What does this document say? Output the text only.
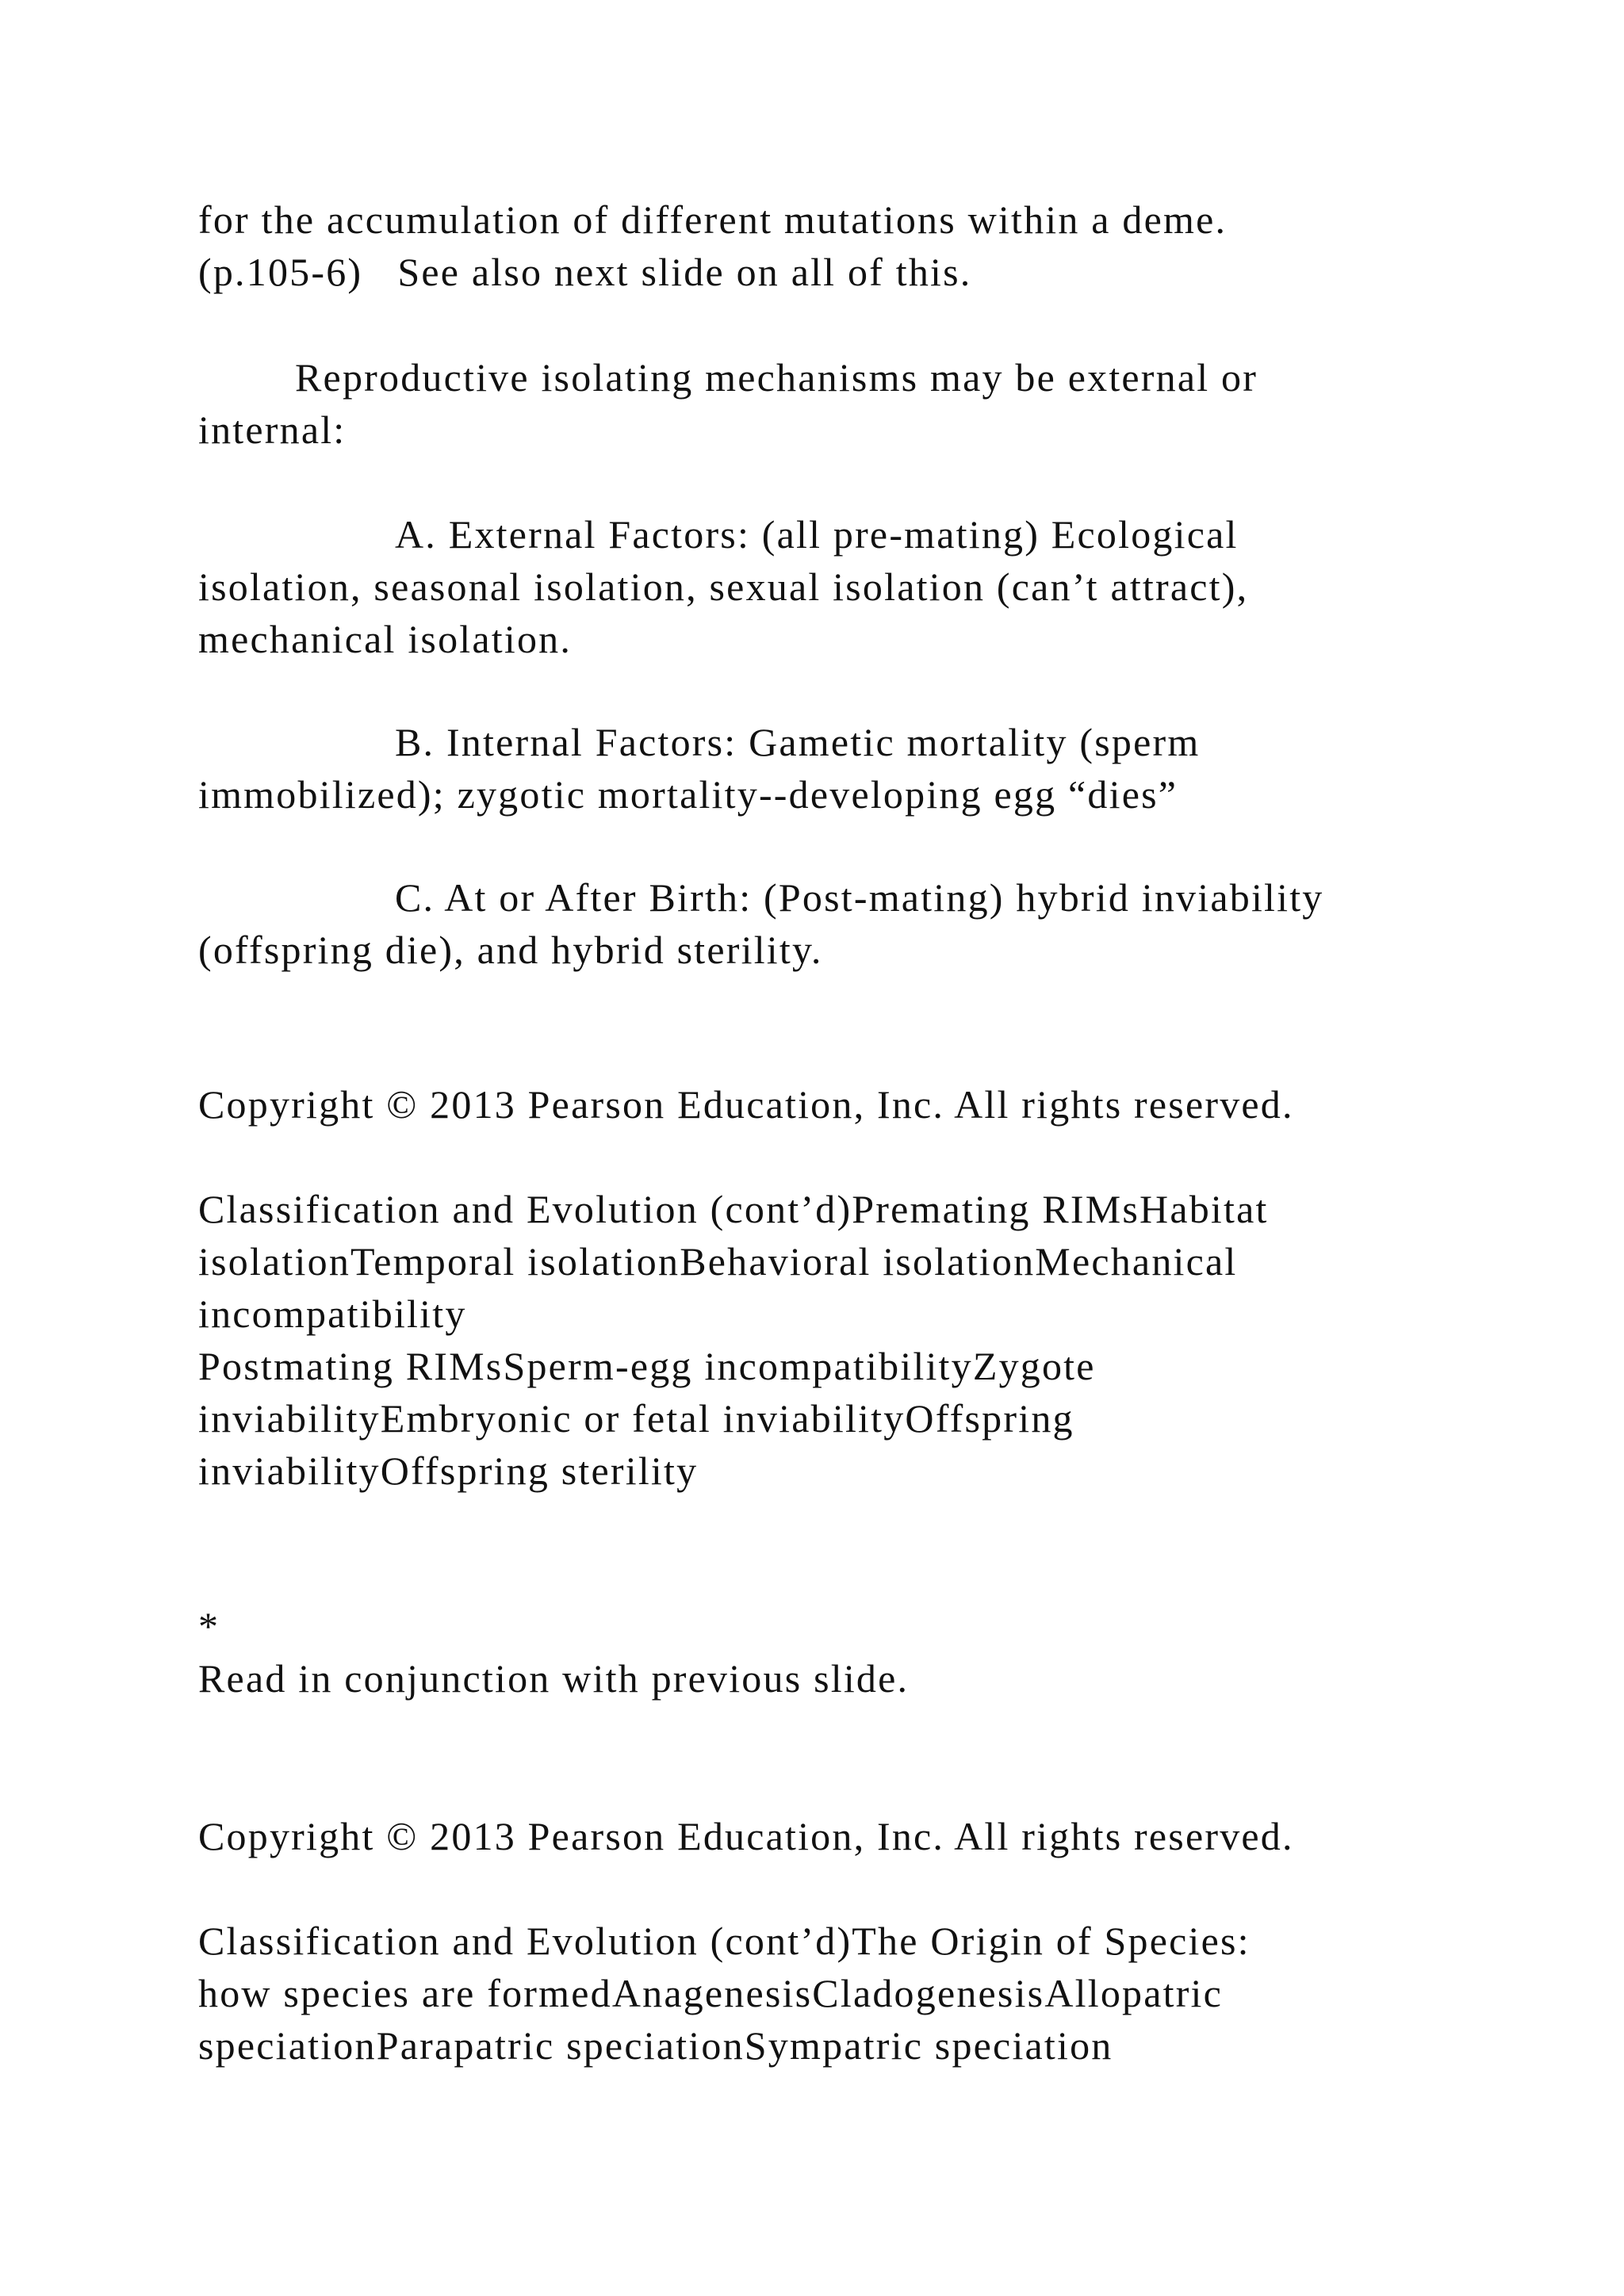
for the accumulation of different mutations within a deme.

(p.105-6)   See also next slide on all of this.

Reproductive isolating mechanisms may be external or

internal:

A. External Factors: (all pre-mating) Ecological

isolation, seasonal isolation, sexual isolation (can’t attract),

mechanical isolation.

B. Internal Factors: Gametic mortality (sperm

immobilized); zygotic mortality--developing egg “dies”

C. At or After Birth: (Post-mating) hybrid inviability

(offspring die), and hybrid sterility.

Copyright © 2013 Pearson Education, Inc. All rights reserved.

Classification and Evolution (cont’d)Premating RIMsHabitat

isolationTemporal isolationBehavioral isolationMechanical

incompatibility

Postmating RIMsSperm-egg incompatibilityZygote

inviabilityEmbryonic or fetal inviabilityOffspring

inviabilityOffspring sterility

*

Read in conjunction with previous slide.

Copyright © 2013 Pearson Education, Inc. All rights reserved.

Classification and Evolution (cont’d)The Origin of Species:

how species are formedAnagenesisCladogenesisAllopatric

speciationParapatric speciationSympatric speciation
